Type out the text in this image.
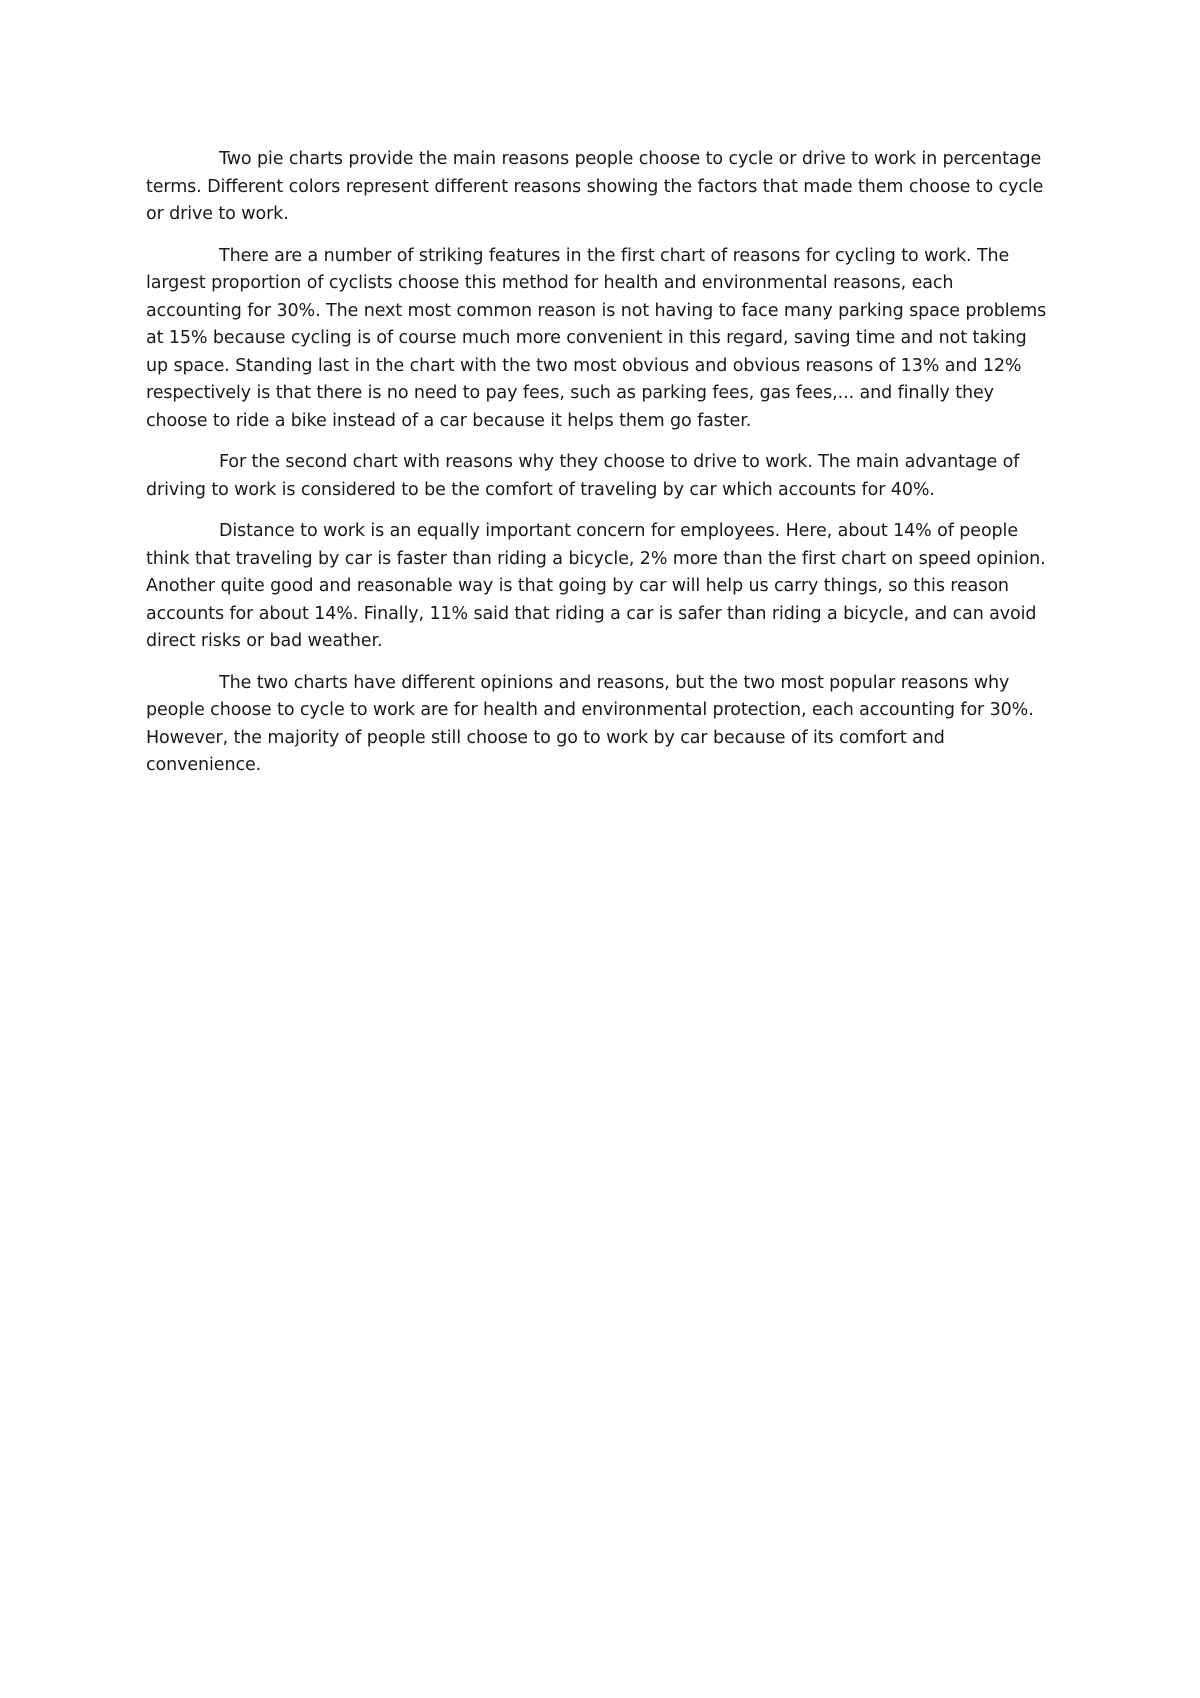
Two pie charts provide the main reasons people choose to cycle or drive to work in percentage terms. Different colors represent different reasons showing the factors that made them choose to cycle or drive to work.

There are a number of striking features in the first chart of reasons for cycling to work. The largest proportion of cyclists choose this method for health and environmental reasons, each accounting for 30%. The next most common reason is not having to face many parking space problems at 15% because cycling is of course much more convenient in this regard, saving time and not taking up space. Standing last in the chart with the two most obvious and obvious reasons of 13% and 12% respectively is that there is no need to pay fees, such as parking fees, gas fees,... and finally they choose to ride a bike instead of a car because it helps them go faster.

For the second chart with reasons why they choose to drive to work. The main advantage of driving to work is considered to be the comfort of traveling by car which accounts for 40%.

Distance to work is an equally important concern for employees. Here, about 14% of people think that traveling by car is faster than riding a bicycle, 2% more than the first chart on speed opinion. Another quite good and reasonable way is that going by car will help us carry things, so this reason accounts for about 14%. Finally, 11% said that riding a car is safer than riding a bicycle, and can avoid direct risks or bad weather.

The two charts have different opinions and reasons, but the two most popular reasons why people choose to cycle to work are for health and environmental protection, each accounting for 30%. However, the majority of people still choose to go to work by car because of its comfort and convenience.
